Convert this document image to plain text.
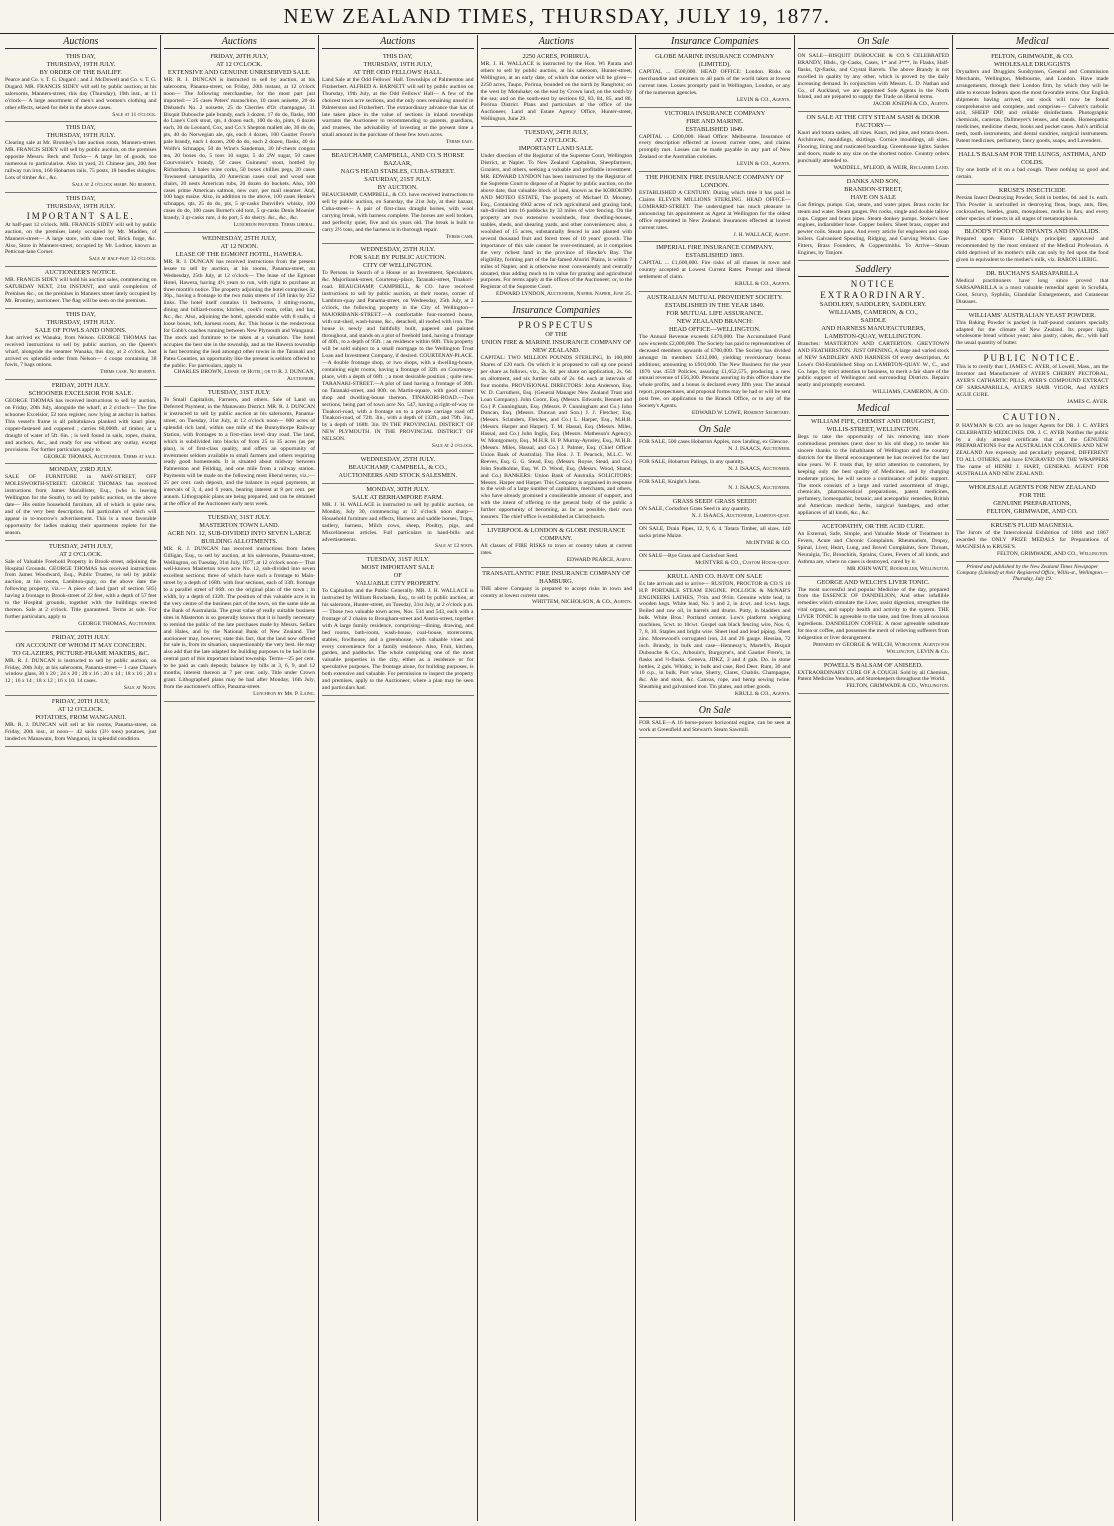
NEW ZEALAND TIMES, THURSDAY, JULY 19, 1877.
Auctions
THIS DAY,
THURSDAY, 19TH JULY.
BY ORDER OF THE BAILIFF.

Pearce and Co. v. T. G. Dugard ; and J. McDowell and Co. v. T. G. Dugard. MR. FRANCIS SIDEY will sell by public auction, at his salerooms, Manners-street, this day (Thursday), 19th inst., at 11 o'clock— A large assortment of men's and women's clothing and other effects, seized for debt in the above cases.

Sale at 11 o'clock.
THIS DAY,
THURSDAY, 19TH JULY.

Clearing sale at Mr. Bromley's late auction room, Manners-street. MR. FRANCIS SIDEY will sell by public auction, on the premises opposite Messrs. Beck and Tucks— A large lot of goods, too numerous to particularise. Also in yard, 21 Chinese jars, 200 feet railway run iron, 160 Hobarton rails, 75 posts, 18 bundles shingles. Lots of timber &c., &c.

Sale at 2 o'clock sharp. No reserve.
THIS DAY,
THURSDAY, 19TH JULY.
IMPORTANT SALE.

At half-past 12 o'clock. MR. FRANCIS SIDEY will sell by public auction, on the premises lately occupied by Mr. Madden, of Manners-street— A large store, with slate roof, Brick forge, &c. Also, Store in Manners-street, occupied by Mr. Lodnor, known as Petticoat-lane Corner.

Sale at half-past 12 o'clock.
AUCTIONEER'S NOTICE.

MR. FRANCIS SIDEY will hold his auction sales, commencing on SATURDAY NEXT, 21st INSTANT, and until completion of Premises &c., on the premises in Manners street lately occupied by Mr. Bromley, auctioneer. The flag will be seen on the premises.

THIS DAY,
THURSDAY, 19TH JULY.
SALE OF FOWLS AND ONIONS.

Just arrived ex Wanaka, from Nelson. GEORGE THOMAS has received instructions to sell by public auction, on the Queen's wharf, alongside the steamer Wanaka, this day, at 2 o'clock, Just arrived ex splendid order from Nelson— 4 coops containing 38 fowls, 7 bags onions.

Terms cash. No reserve.
FRIDAY, 20TH JULY.
SCHOONER EXCELSIOR FOR SALE.

GEORGE THOMAS has received instructions to sell by auction, on Friday, 20th July, alongside the wharf, at 2 o'clock— The fine schooner Excelsior, 52 tons register, now lying at anchor in harbor. This vessel's frame is all pohutukawa planked with kauri pine, copper-fastened and coppered ; carries 60,000ft. of timber, at a draught of water of 5ft. 6in. ; is well found in sails, ropes, chains, and anchors, &c., and ready for sea without any outlay, except provisions. For further particulars apply to

GEORGE THOMAS, Auctioneer. Terms at sale.
MONDAY, 23RD JULY.

SALE OF FURNITURE in MAY-STREET, OFF MOLESWORTH-STREET. GEORGE THOMAS has received instructions from James Macallister, Esq., (who is leaving Wellington for the South), to sell by public auction, on the above date— His entire household furniture, all of which is quite new, and of the very best description, full particulars of which will appear in to-morrow's advertisement. This is a most favorable opportunity for ladies making their apartments replete for the season.

TUESDAY, 24TH JULY,
AT 2 O'CLOCK.

Sale of Valuable Freehold Property in Brook-street, adjoining the Hospital Grounds. GEORGE THOMAS has received instructions from James Woodward, Esq., Public Trustee, to sell by public auction, at his rooms, Lambton-quay, on the above date the following property, viz.— A piece of land (part of section 585) having a frontage to Brook-street of 22 feet, with a depth of 57 feet to the Hospital grounds, together with the buildings erected thereon. Sale at 2 o'clock. Title guaranteed. Terms at sale. For further particulars, apply to

GEORGE THOMAS, Auctioneer.
FRIDAY, 20TH JULY.
ON ACCOUNT OF WHOM IT MAY CONCERN.
TO GLAZIERS, PICTURE-FRAME MAKERS, &C.

MR. R. J. DUNCAN is instructed to sell by public auction, on Friday, 20th July, at his salerooms, Panama-street— 1 case Chase's window glass, 30 x 20 ; 24 x 20 ; 20 x 16 ; 20 x 14 ; 18 x 16 ; 20 x 12 ; 16 x 14 ; 18 x 12 ; 16 x 10. 14 cases.

Sale at Noon.
FRIDAY, 20TH JULY,
AT 12 O'CLOCK.
POTATOES, FROM WANGANUI.

MR. R. J. DUNCAN will sell at his rooms, Panama-street, on Friday, 20th inst., at noon— 42 sacks (3½ tons) potatoes, just landed ex Manawatu, from Wanganui, in splendid condition.

Auctions
FRIDAY, 20TH JULY,
AT 12 O'CLOCK.
EXTENSIVE AND GENUINE UNRESERVED SALE.

MR. R. J. DUNCAN is instructed to sell by auction, at his salerooms, Panama-street, on Friday, 20th instant, at 12 o'clock noon— The following merchandise, for the most part just imported:— 25 cases Peters' maraschino, 10 cases anisette, 20 do Disband's No. 2 noisette, 25 do Cherries d'Or champagne, 31 Bisquit Dubouche pale brandy, each 3 dozen, 17 do do, flasks, 100 do Lane's Cork stout, qts, 4 dozen each, 100 do do, pints, 6 dozen each, 30 do Leonard, Cox, and Co.'s Shepton mallett ale, 30 do do, pts, 40 do Norwegian ale, qts, each 4 dozen, 100 Gautier Frere's pale brandy, each 1 dozen, 200 do do, each 2 dozen, flasks, 40 do Wolfe's Schnapps, 50 do Wine's Sandeman, 30 hf-chests congou tea, 20 boxes do, 5 tons 10 sugar, 5 do 2W sugar, 50 cases Courvoisier's brandy, 50 cases Guinness' stout, bottled by Richardson, 3 bales wine corks, 50 boxes chillies pegs, 20 cases Townsend sarsaparilla, 20 American cases coal and wood seat chairs, 20 nests American tubs, 20 dozen do buckets. Also, 100 cases prime American salmon, new curr, per mail steamer. And, 100 bags maize. Also, in addition to the above, 100 cases Henke's schnapps, qts, 25 do do, pts, 5 qr-casks Dunville's whisky, 100 cases do do, 100 cases Burnet's old tom, 5 qr-casks Denis Mounier brandy, 3 qr-casks rum, 4 do port, 5 do sherry. &c., &c., &c.

Luncheon provided. Terms liberal.
WEDNESDAY, 25TH JULY,
AT 12 NOON.
LEASE OF THE EGMONT HOTEL, HAWERA.

MR. R. J. DUNCAN has received instructions from the present lessee to sell by auction, at his rooms, Panama-street, on Wednesday, 25th July, at 12 o'clock— The lease of the Egmont Hotel, Hawera, having 4½ years to run, with right to purchase at three month's notice. The property adjoining the hotel comprises 3r. 36p., having a frontage to the two main streets of 158 links by 252 links. The hotel itself contains 11 bedrooms, 3 sitting-rooms, dining and billiard-rooms, kitchen, cook's room, cellar, and bar, &c., &c. Also, adjoining the hotel, splendid stable with 8 stalls, 4 loose boxes, loft, harness room, &c. This house is the rendezvous for Cobb's coaches running between New Plymouth and Wanganui. The stock and furniture to be taken at a valuation. The hotel occupies the best site in the township, and as the Hawera township is fast becoming the lead amongst other towns in the Taranaki and Patea Counties, an opportunity like the present is seldom offered to the public. For particulars, apply to

CHARLES BROWN, Lessee of Hotel; or to R. J. DUNCAN, Auctioneer.
TUESDAY, 31ST JULY.

To Small Capitalists, Farmers, and others. Sale of Land on Deferred Payment, in the Manawatu District. MR. R. J. DUNCAN is instructed to sell by public auction at his salerooms, Panama-street, on Tuesday, 31st July, at 12 o'clock noon— 600 acres of splendid rich land, within one mile of the Bunnythorpe Railway Station, with frontages to a first-class level dray road. The land, which is subdivided into blocks of from 25 to 35 acres (as per plan), is of first-class quality, and offers an opportunity of investment seldom available to small farmers and others requiring ready good homesteads. It is situated about midway between Palmerston and Feilding, and one mile from a railway station. Payments will be made on the following most liberal terms, viz.:—25 per cent. cash deposit, and the balance in equal payments, at intervals of 3, 4, and 6 years, bearing interest at 8 per cent. per annum. Lithographic plans are being prepared, and can be obtained at the office of the Auctioneer early next week.

TUESDAY, 31ST JULY.
MASTERTON TOWN LAND.
ACRE NO. 12, SUB-DIVIDED INTO SEVEN LARGE BUILDING ALLOTMENTS.

MR. R. J. DUNCAN has received instructions from James Gilligan, Esq., to sell by auction, at his salerooms, Panama-street, Wellington, on Tuesday, 31st July, 1877, at 12 o'clock noon— That well-known Masterton town acre No. 12, sub-divided into seven excellent sections; three of which have each a frontage to Main-street by a depth of 168ft. with four sections, each of 33ft. frontage to a parallel street of 66ft. on the original plan of the town ; in width, by a depth of 132ft. The position of this valuable acre is in the very centre of the business part of the town, on the same side as the Bank of Australasia. The great value of really suitable business sites in Masterton is so generally known that it is hardly necessary to remind the public of the late purchases made by Messrs. Sellars and Hales, and by the National Bank of New Zealand. The auctioneer may, however, state this fact, that the land now offered for sale is, from its situation, unquestionably the very best. He may also add that the late adapted for building purposes to be had in the central part of this important inland township. Terms—25 per cent. to be paid as cash deposit; balance by bills at 3, 6, 9, and 12 months, interest thereon at 7 per cent. only. Title under Crown grant. Lithographed plans may be had after Monday, 16th July, from the auctioneer's office, Panama-street.

Luncheon by Mr. P. Laing.
Auctions
THIS DAY,
THURSDAY, 19TH JULY,
AT THE ODD FELLOWS' HALL.

Land Sale at the Odd Fellows' Hall. Townships of Palmerston and Fitzherbert. ALFRED A. BARNETT will sell by public auction on Thursday, 19th July, at the Odd Fellows' Hall— A few of the choicest town acre sections, and the only ones remaining unsold in Palmerston and Fitzherbert. The extraordinary advance that has of late taken place in the value of sections in inland townships warrants the Auctioneer in recommending to parents, guardians, and trustees, the advisability of investing at the present time a small amount in the purchase of these few town acres.

Terms easy.
BEAUCHAMP, CAMPBELL, AND CO.'S HORSE BAZAAR,
NAG'S HEAD STABLES, CUBA-STREET.
SATURDAY, 21ST JULY.
BY AUCTION.

BEAUCHAMP, CAMPBELL, & CO. have received instructions to sell by public auction, on Saturday, the 21st July, at their bazaar, Cuba-street— A pair of first-class draught horses, with wool carrying break, with harness complete. The horses are well broken, and perfectly quiet, five and six years old. The break is built to carry 2½ tons, and the harness is in thorough repair.

Terms cash.
WEDNESDAY, 25TH JULY.
FOR SALE BY PUBLIC AUCTION.
CITY OF WELLINGTON.

To Persons in Search of a House or an Investment, Speculators, &c. Majoribank-street, Courtenay-place, Taranaki-street, Tinakori-road. BEAUCHAMP, CAMPBELL, & CO. have received instructions to sell by public auction, at their rooms, corner of Lambton-quay and Panama-street, on Wednesday, 25th July, at 2 o'clock, the following property in the City of Wellington— MAJORIBANK-STREET.—A comfortable four-roomed house, with out-shed, wash-house, &c., detached, all roofed with iron. The house is newly and faithfully built, papered and painted throughout, and stands on a plot of freehold land, having a frontage of 40ft., to a depth of 95ft. ; an residence within 60ft. This property will be sold subject to a small mortgage to the Wellington Trust Loan and Investment Company, if desired. COURTENAY-PLACE.—A double frontage shop, or two shops, with a dwelling-house, containing eight rooms, having a frontage of 32ft. on Courtenay-place, with a depth of 68ft. ; a most desirable position ; quite new. TARANAKI-STREET.—A plot of land having a frontage of 30ft. on Taranaki-street, and 80ft. on Martin-square, with good corner shop and dwelling-house thereon. TINAKORI-ROAD.—Two sections, being part of town acre No. 547, having a right-of-way to Tinakori-road, with a frontage on to a private carriage road off Tinakori-road, of 72ft. 3in., with a depth of 132ft., and 79ft. 3in., by a depth of 168ft. 3in. IN THE PROVINCIAL DISTRICT OF NEW PLYMOUTH. IN THE PROVINCIAL DISTRICT OF NELSON.

Sale at 2 o'clock.
WEDNESDAY, 25TH JULY.
BEAUCHAMP, CAMPBELL, & CO.,
AUCTIONEERS AND STOCK SALESMEN.
MONDAY, 30TH JULY.
SALE AT BERHAMPORE FARM.

MR. J. H. WALLACE is instructed to sell by public auction, on Monday, July 30, commencing at 12 o'clock noon sharp— Household furniture and effects, Harness and saddle horses, Traps, sadlery, harness, Milch cows, sheep, Poultry, pigs, and Miscellaneous articles. Full particulars in hand-bills and advertisements.

Sale at 12 noon.
TUESDAY, 31ST JULY.
MOST IMPORTANT SALE
OF
VALUABLE CITY PROPERTY.

To Capitalists and the Public Generally. MR. J. H. WALLACE is instructed by William Rowlands, Esq., to sell by public auction, at his saleroom, Hunter-street, on Tuesday, 31st July, at 2 o'clock p.m.— Those two valuable town acres, Nos. 534 and 543, each with a frontage of 2 chains to Brougham-street and Austin-street, together with A large family residence, comprising—dining, drawing, and bed rooms, bath-room, wash-house, coal-house, storerooms, stables, fowlhouse, and a greenhouse, with valuable vines and every convenience for a family residence. Also, Fruit, kitchen, garden, and paddocks. The whole comprising one of the most valuable properties in the city, either as a residence or for speculative purposes. The frontage alone, for building purposes, is both extensive and valuable. For permission to inspect the property and premises, apply to the Auctioneer, where a plan may be seen and particulars had.

Auctions
2250 ACRES, PORIRUA.

MR. J. H. WALLACE is instructed by the Hon. Wi Parata and others to sell by public auction, at his saleroom, Hunter-street, Wellington, at an early date, of which due notice will be given— 2250 acres, Taupo, Porirua, bounded on the north by Rangitoto; on the west by Motuhake; on the east by Crown land; on the south by the sea; and on the south-east by sections 82, 83, 84, 85, and 86, Porirua District. Plans and particulars at the office of the Auctioneer, Land and Estate Agency Office, Hunter-street, Wellington, June 29.

TUESDAY, 24TH JULY,
AT 2 O'CLOCK.
IMPORTANT LAND SALE.

Under direction of the Registrar of the Supreme Court, Wellington District, at Napier. To New Zealand Capitalists, Sheepfarmers, Graziers, and others, seeking a valuable and profitable investment. MR. EDWARD LYNDON has been instructed by the Registrar of the Supreme Court to dispose of at Napier by public auction, on the above date, that valuable block of land, known as the KOROKIPO AND MOTEO ESTATE, The property of Michael D. Mooney, Esq., Containing 6902 acres of rich agricultural and grazing land, sub-divided into 16 paddocks by 33 miles of wire fencing. On the property are two extensive woolsheds, four dwelling-houses, stables, sheds, and shearing yards, and other conveniences; also, a woolshed of 15 acres, substantially fenced in and planted with several thousand fruit and forest trees of 10 years' growth. The importance of this sale cannot be over-estimated, as it comprises the very richest land in the province of Hawke's Bay. The eligibility, forming part of the far-famed Ahuriri Plains, is within 7 miles of Napier, and is otherwise most conveniently and centrally situated, thus adding much to its value for grazing and agricultural purposes. For terms apply at the offices of the Auctioneer; or, to the Registrar of the Supreme Court.

EDWARD LYNDON, Auctioneer, Napier. Napier, June 25.
Insurance Companies
PROSPECTUS
OF THE
UNION FIRE & MARINE INSURANCE COMPANY OF NEW ZEALAND.

CAPITAL: TWO MILLION POUNDS STERLING, In 100,000 Shares of £20 each. On which it is proposed to call up one pound per share as follows, viz., 2s. 6d. per share on application, 2s. 6d. on allotment, and six further calls of 2s. 6d. each at intervals of four months. PROVISIONAL DIRECTORS: John Anderson, Esq. W. D. Carruthers, Esq. (General Manager New Zealand Trust and Loan Company). John Coom, Esq. (Messrs. Edwards, Bennett and Co.) P. Cunningham, Esq. (Messrs. P. Cunningham and Co.) John Duncan, Esq. (Messrs. Duncan and Son.) J. J. Fletcher, Esq. (Messrs. Sclanders, Fletcher, and Co.) L. Harper, Esq., M.H.R. (Messrs. Harper and Harper). T. M. Hassal, Esq. (Messrs. Miles, Hassal, and Co.) John Inglis, Esq. (Messrs. Matheson's Agency). W. Montgomery, Esq., M.H.R. H. P. Murray-Aynsley, Esq., M.H.R. (Messrs. Miles, Hassal, and Co.) J. Palmer, Esq. (Chief Officer Union Bank of Australia). The Hon. J. T. Peacock, M.L.C. W. Reeves, Esq. G. G. Stead, Esq. (Messrs. Royse, Stead, and Co.) John Studholme, Esq. W. D. Wood, Esq. (Messrs. Wood, Shand, and Co.) BANKERS: Union Bank of Australia. SOLICITORS: Messrs. Harper and Harper. This Company is organised in response to the wish of a large number of capitalists, merchants, and others, who have already promised a considerable amount of support, and with the intent of offering to the general body of the public a further opportunity of becoming, as far as possible, their own insurers. The chief office is established at Christchurch.

LIVERPOOL & LONDON & GLOBE INSURANCE COMPANY.

All classes of FIRE RISKS to town or country taken at current rates.

EDWARD PEARCE, Agent.
TRANSATLANTIC FIRE INSURANCE COMPANY OF HAMBURG.

THE above Company is prepared to accept risks in town and country at lowest current rates.

WHITTEM, NICHOLSON, & CO., Agents.
Insurance Companies
GLOBE MARINE INSURANCE COMPANY (LIMITED).

CAPITAL ... £500,000. HEAD OFFICE: London. Risks on merchandise and steamers to all parts of the world taken at lowest current rates. Losses promptly paid in Wellington, London, or any of the numerous agencies.

LEVIN & CO., Agents.
VICTORIA INSURANCE COMPANY
FIRE AND MARINE.
ESTABLISHED 1849.

CAPITAL ... £200,000. Head Office: Melbourne. Insurance of every description effected at lowest current rates, and claims promptly met. Losses can be made payable in any part of New Zealand or the Australian colonies.

LEVIN & CO., Agents.
THE PHOENIX FIRE INSURANCE COMPANY OF LONDON.

ESTABLISHED A CENTURY. During which time it has paid in Claims ELEVEN MILLIONS STERLING. HEAD OFFICE—LOMBARD-STREET. The undersigned has much pleasure in announcing his appointment as Agent at Wellington for the oldest office represented in New Zealand. Insurances effected at lowest current rates.

J. H. WALLACE, Agent.
IMPERIAL FIRE INSURANCE COMPANY.
ESTABLISHED 1803.

CAPITAL ... £1,600,000. Fire risks of all classes in town and country accepted at Lowest Current Rates. Prompt and liberal settlement of claim.

KRULL & CO., Agents.
AUSTRALIAN MUTUAL PROVIDENT SOCIETY.
ESTABLISHED IN THE YEAR 1849.
FOR MUTUAL LIFE ASSURANCE.
NEW ZEALAND BRANCH:
HEAD OFFICE—WELLINGTON.

The Annual Revenue exceeds £470,000. The Accumulated Fund now exceeds £2,000,000. The Society has paid to representatives of deceased members upwards of £700,000. The Society has divided amongst its members £412,000, yielding reversionary bonus additions, amounting to £910,000. The New Business for the year 1876 was 4559 Policies, assuring £1,652,575, producing a new annual revenue of £56,300. Persons assuring in this office share the whole profits, and a bonus is declared every fifth year. The annual report, prospectuses, and proposal forms may be had or will be sent post free, on application to the Branch Office, or to any of the Society's Agents.

EDWARD W. LOWE, Resident Secretary.
On Sale

FOR SALE, 500 cases Hobarton Apples, now landing, ex Glencoe.

N. J. ISAACS, Auctioneer.

FOR SALE, Hobarton Palings, in any quantity.

N. J. ISAACS, Auctioneer.

FOR SALE, Knight's Jams.

N. J. ISAACS, Auctioneer.
GRASS SEED! GRASS SEED!!

ON SALE, Cocksfoot Grass Seed in any quantity.

N. J. ISAACS, Auctioneer, Lambton-quay.

ON SALE, Drain Pipes, 12, 9, 6, 4. Totara Timber, all sizes. 140 sacks prime Maize.

McINTYRE & CO.

ON SALE—Rye Grass and Cocksfoot Seed.

McINTYRE & CO., Custom House-quay.
KRULL AND CO. HAVE ON SALE

Ex late arrivals and to arrive— RUSTON, PROCTOR & CO.'S 10 H.P. PORTABLE STEAM ENGINE. POLLOCK & McNAB'S ENGINEERS LATHES, 7½in. and 9½in. Genuine white lead, in wooden kegs. White lead, No. 1 and 2, in 4cwt. and 1cwt. kegs. Boiled and raw oil, in barrels and drums. Putty, in bladders and bulk. White Bros.' Portland cement. Low's platform weighing machines, 5cwt. to 10cwt. Gospel oak black fencing wire, Nos. 6, 7, 8, 10. Staples and bright wire. Sheet lead and lead piping. Sheet zinc. Morewood's corrugated iron, 24 and 26 gauge. Hessian, 72 inch. Brandy, in bulk and case—Hennessy's, Martell's, Bisquit Dubouche & Co., Arbouin's, Burgoyne's, and Gautier Frere's, in flasks and ½-flasks. Geneva, JDKZ, 3 and 4 gals. Do. in stone bottles, 2 gals. Whisky, in bulk and case, Red Deer. Rum, 30 and 10 o.p., in bulk. Port wine, Sherry, Claret, Chablis. Champagne, &c. Ale and stout, &c. Canvas, rope, and hemp sewing twine. Sheathing and galvanised iron. Tin plates, and other goods.

KRULL & CO., Agents.
On Sale

FOR SALE—A 16 horse-power horizontal engine, can be seen at work at Greenfield and Stewart's Steam Sawmill.

On Sale

ON SALE—BISQUIT DUBOUCHE & CO.'S CELEBRATED BRANDY, Hhds., Qr-Casks, Cases, 1* and 3***, In Flasks, Half-flasks, Qr-flasks, and Crystal Barrels. The above Brandy is not excelled in quality by any other, which is proved by the daily increasing demand. In conjunction with Messrs. L. D. Nathan and Co., of Auckland, we are appointed Sole Agents in the North Island, and are prepared to supply the Trade on liberal terms.

JACOB JOSEPH & CO., Agents.
ON SALE AT THE CITY STEAM SASH & DOOR FACTORY—

Kauri and totara sashes, all sizes. Kauri, red pine, and totara doors. Architraves, mouldings, skirtings. Cornice mouldings, all sizes. Flooring, lining and rusticated boarding. Greenhouse lights. Sashes and doors, made to any size on the shortest notice. Country orders punctually attended to.

WADDELL, M'LEOD, & WEIR, Reclaimed Land.
DANKS AND SON,
BRANDON-STREET,
HAVE ON SALE

Gas fittings, pumps. Gas, steam, and water pipes. Brass cocks for steam and water. Steam gauges. Pet cocks, single and double tallow cups. Copper and brass pipes. Steam donkey pumps. Stoker's beer engines, indiarubber hose. Copper boilers. Sheet brass, copper and pewter coils. Steam pans. And every article for engineers and soap boilers. Galvanised Spouting, Ridging, and Curving Works. Gas-Fitters, Brass Founders, & Coppersmiths. To Arrive—Steam Engines, by Tanjore.

Saddlery
NOTICE EXTRAORDINARY.
SADDLERY, SADDLERY, SADDLERY.
WILLIAMS, CAMERON, & CO.,
SADDLE
AND HARNESS MANUFACTURERS,
LAMBTON-QUAY, WELLINGTON.

Branches: MASTERTON AND CARTERTON. GREYTOWN AND FEATHERSTON. JUST OPENING, A large and varied stock of NEW SADDLERY AND HARNESS Of every description, At Lowe's Old-Established Shop on LAMBTON-QUAY. W., C., and Co. hope, by strict attention to business, to merit a fair share of the public support of Wellington and surrounding Districts. Repairs neatly and promptly executed.

WILLIAMS, CAMERON, & CO.
Medical
WILLIAM FIFE, CHEMIST AND DRUGGIST,
WILLIS-STREET, WELLINGTON.

Begs to take the opportunity of his removing into more commodious premises (next door to his old shop,) to tender his sincere thanks to the inhabitants of Wellington and the country districts for the liberal encouragement he has received for the last nine years. W. F. trusts that, by strict attention to customers, by keeping only the best quality of Medicines, and by charging moderate prices, he will secure a continuance of public support. The stock consists of a large and varied assortment of drugs, chemicals, pharmaceutical preparations, patent medicines, perfumery, homeopathic, botanic, and acetopathic remedies, British and American medical herbs, surgical bandages, and other appliances of all kinds, &c., &c.

ACETOPATHY, OR THE ACID CURE.

An External, Safe, Simple, and Valuable Mode of Treatment in Fevers, Acute and Chronic Complaints. Rheumatism, Dropsy, Spinal, Liver, Heart, Lung, and Bowel Complaints, Sore Throats, Neuralgia, Tic, Bronchitis, Sprains, Cures, Fevers of all kinds, and Asthma are, where no cases is destroyed, cured by it.

MR JOHN WATT, Bookseller, Wellington.
GEORGE AND WELCH'S LIVER TONIC.

The most successful and popular Medicine of the day, prepared from the ESSENCE OF DANDELION, And other infallible remedies which stimulate the Liver, assist digestion, strengthen the vital organs, and supply health and activity to the system. THE LIVER TONIC Is agreeable to the taste, and free from all noxious ingredients. DANDELION COFFEE. A most agreeable substitute for tea or coffee, and possesses the merit of relieving sufferers from indigestion or liver derangement.

Prepared by GEORGE & WELCH, Worcester. Agents for Wellington, LEVIN & Co.
POWELL'S BALSAM OF ANISEED.

EXTRAORDINARY CURE OF A COUGH. Sold by all Chemists, Patent Medicine Vendors, and Storekeepers throughout the World.

FELTON, GRIMWADE & CO., Wellington.
Medical
FELTON, GRIMWADE, & CO.
WHOLESALE DRUGGISTS

Drysalters and Druggists Sundrymen, General and Commission Merchants, Wellington, Melbourne, and London. Have made arrangements, through their London firm, by which they will be able to execute Indents upon the most favorable terms. Our English shipments having arrived, our stock will now be found comprehensive and complete, and comprises— Calvert's carbolic acid, SHEEP DIP, and reliable disinfectants. Photographic chemicals, cameras, Dallmeyer's lenses, and stands. Homeopathic medicines, medicine chests, books and pocket cases. Ash's artificial teeth, tooth instruments, and dental sundries, surgical instruments. Patent medicines, perfumery, fancy goods, soaps, and Lavenders.

HALL'S BALSAM FOR THE LUNGS, ASTHMA, AND COLDS.

Try one bottle of it on a bad cough. There nothing so good and certain.

KRUSE'S INSECTICIDE

Persian Insect Destroying Powder, Sold in bottles, 6d. and 1s. each. This Powder is unrivalled in destroying fleas, bugs, ants, flies, cockroaches, beetles, gnats, mosquitoes, moths in furs, and every other species of insects in all stages of metamorphosis.

BLOOD'S FOOD FOR INFANTS AND INVALIDS.

Prepared upon Baron Liebig's principle; approved and recommended by the most eminent of the Medical Profession. A child deprived of its mother's milk can only by fed upon the food given in equivalent to the mother's milk, viz. BARON LIEBIG.

DR. BUCHAN'S SARSAPARILLA

Medical practitioners have long since proved that SARSAPARILLA is a most valuable remedial agent in Scrofula, Gout, Scurvy, Syphilis, Glandular Enlargements, and Cutaneous Diseases.

WILLIAMS' AUSTRALIAN YEAST POWDER.

This Baking Powder is packed in half-pound canisters specially adapted for the climate of New Zealand. Its proper light, wholesome bread without yeast; also pastry, cakes, &c., with half the usual quantity of butter.

PUBLIC NOTICE.

This is to certify that I, JAMES C. AYER, of Lowell, Mass., am the Inventor and Manufacturer of AYER'S CHERRY PECTORAL, AYER'S CATHARTIC PILLS, AYER'S COMPOUND EXTRACT OF SARSAPARILLA, AYER'S HAIR VIGOR, And AYER'S AGUE CURE.

JAMES C. AYER.
CAUTION.

P. HAYMAN & CO. are no longer Agents for DR. J. C. AYER'S CELEBRATED MEDICINES. DR. J. C. AYER Notifies the public by a duly attested certificate that all the GENUINE PREPARATIONS For the AUSTRALIAN COLONIES AND NEW ZEALAND Are expressly and peculiarly prepared, DIFFERENT TO ALL OTHERS, and have ENGRAVED ON THE WRAPPERS The name of HENRI J. HART, GENERAL AGENT FOR AUSTRALIA AND NEW ZEALAND.

WHOLESALE AGENTS FOR NEW ZEALAND
FOR THE
GENUINE PREPARATIONS,
FELTON, GRIMWADE, AND CO.
KRUSE'S FLUID MAGNESIA.

The Jurors of the Intercolonial Exhibition of 1866 and 1867 awarded the ONLY PRIZE MEDALS for Preparations of MAGNESIA to KRUSE'S.

FELTON, GRIMWADE, AND CO., Wellington.
Printed and published by the New Zealand Times Newspaper Company (Limited) at their Registered Office, Willis-st., Wellington.—Thursday, July 19.
